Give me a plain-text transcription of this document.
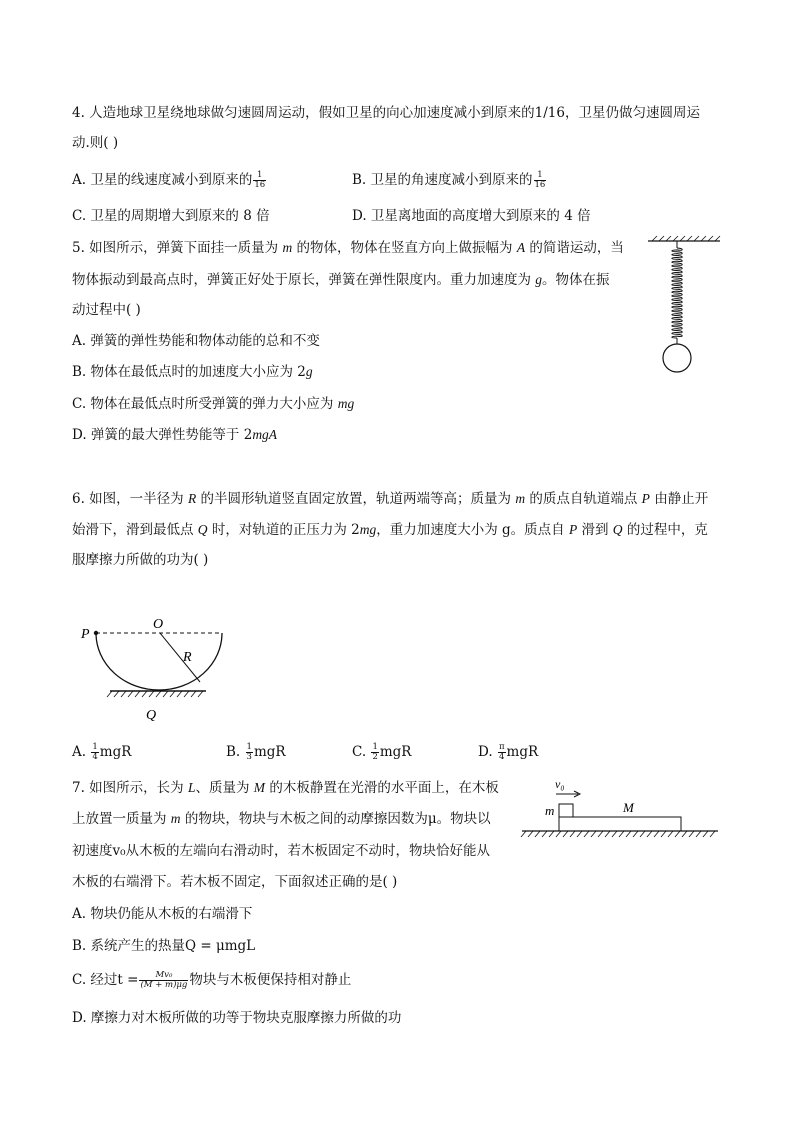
4. 人造地球卫星绕地球做匀速圆周运动，假如卫星的向心加速度减小到原来的1/16，卫星仍做匀速圆周运
动.则( )
A. 卫星的线速度减小到原来的 $\frac{1}{16}$	B. 卫星的角速度减小到原来的 $\frac{1}{16}$
C. 卫星的周期增大到原来的 8 倍	D. 卫星离地面的高度增大到原来的 4 倍
5. 如图所示，弹簧下面挂一质量为 m 的物体，物体在竖直方向上做振幅为 A 的简谐运动，当
物体振动到最高点时，弹簧正好处于原长，弹簧在弹性限度内。重力加速度为 g。物体在振
动过程中( )
A. 弹簧的弹性势能和物体动能的总和不变
B. 物体在最低点时的加速度大小应为 2g
C. 物体在最低点时所受弹簧的弹力大小应为 mg
D. 弹簧的最大弹性势能等于 2mgA
6. 如图，一半径为 R 的半圆形轨道竖直固定放置，轨道两端等高；质量为 m 的质点自轨道端点 P 由静止开
始滑下，滑到最低点 Q 时，对轨道的正压力为 2mg，重力加速度大小为 g。质点自 P 滑到 Q 的过程中，克
服摩擦力所做的功为( )
P
O
R
Q
A. $\frac{1}{4}$ mgR	B. $\frac{1}{3}$ mgR	C. $\frac{1}{2}$ mgR	D. $\frac{\pi}{4}$ mgR
7. 如图所示，长为 L、质量为 M 的木板静置在光滑的水平面上，在木板
上放置一质量为 m 的物块，物块与木板之间的动摩擦因数为μ。物块以
初速度v₀从木板的左端向右滑动时，若木板固定不动时，物块恰好能从
木板的右端滑下。若木板不固定，下面叙述正确的是( )
A. 物块仍能从木板的右端滑下
B. 系统产生的热量Q = μmgL
C. 经过$t = \frac{\text{Mv₀}}{(M + m)\mu g}$ 物块与木板便保持相对静止
D. 摩擦力对木板所做的功等于物块克服摩擦力所做的功
v₀
m	M
